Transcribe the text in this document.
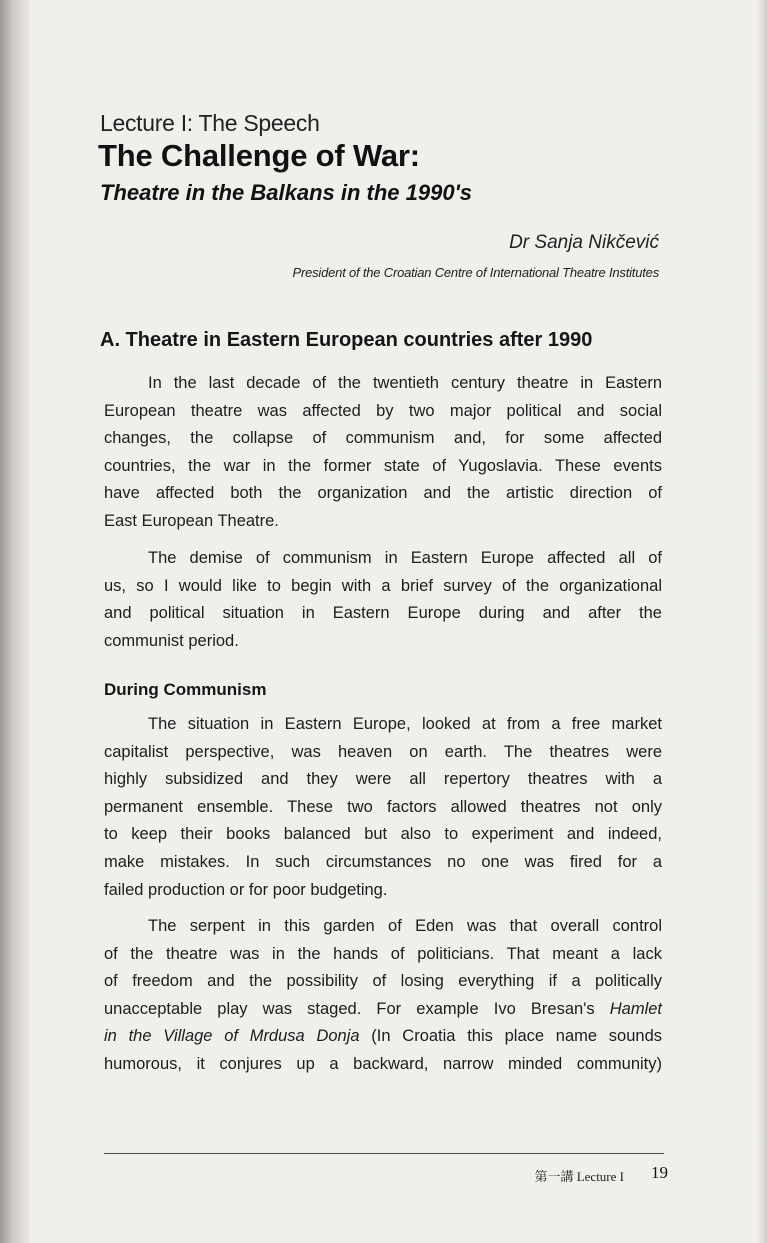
Lecture I: The Speech
The Challenge of War:
Theatre in the Balkans in the 1990's
Dr Sanja Nikčević
President of the Croatian Centre of International Theatre Institutes
A. Theatre in Eastern European countries after 1990

In the last decade of the twentieth century theatre in Eastern
European theatre was affected by two major political and social
changes, the collapse of communism and, for some affected
countries, the war in the former state of Yugoslavia. These events
have affected both the organization and the artistic direction of
East European Theatre.

The demise of communism in Eastern Europe affected all of
us, so I would like to begin with a brief survey of the organizational
and political situation in Eastern Europe during and after the
communist period.

During Communism

The situation in Eastern Europe, looked at from a free market
capitalist perspective, was heaven on earth. The theatres were
highly subsidized and they were all repertory theatres with a
permanent ensemble. These two factors allowed theatres not only
to keep their books balanced but also to experiment and indeed,
make mistakes. In such circumstances no one was fired for a
failed production or for poor budgeting.

The serpent in this garden of Eden was that overall control
of the theatre was in the hands of politicians. That meant a lack
of freedom and the possibility of losing everything if a politically
unacceptable play was staged. For example Ivo Bresan's Hamlet
in the Village of Mrdusa Donja (In Croatia this place name sounds
humorous, it conjures up a backward, narrow minded community)

第一講 Lecture I 19
